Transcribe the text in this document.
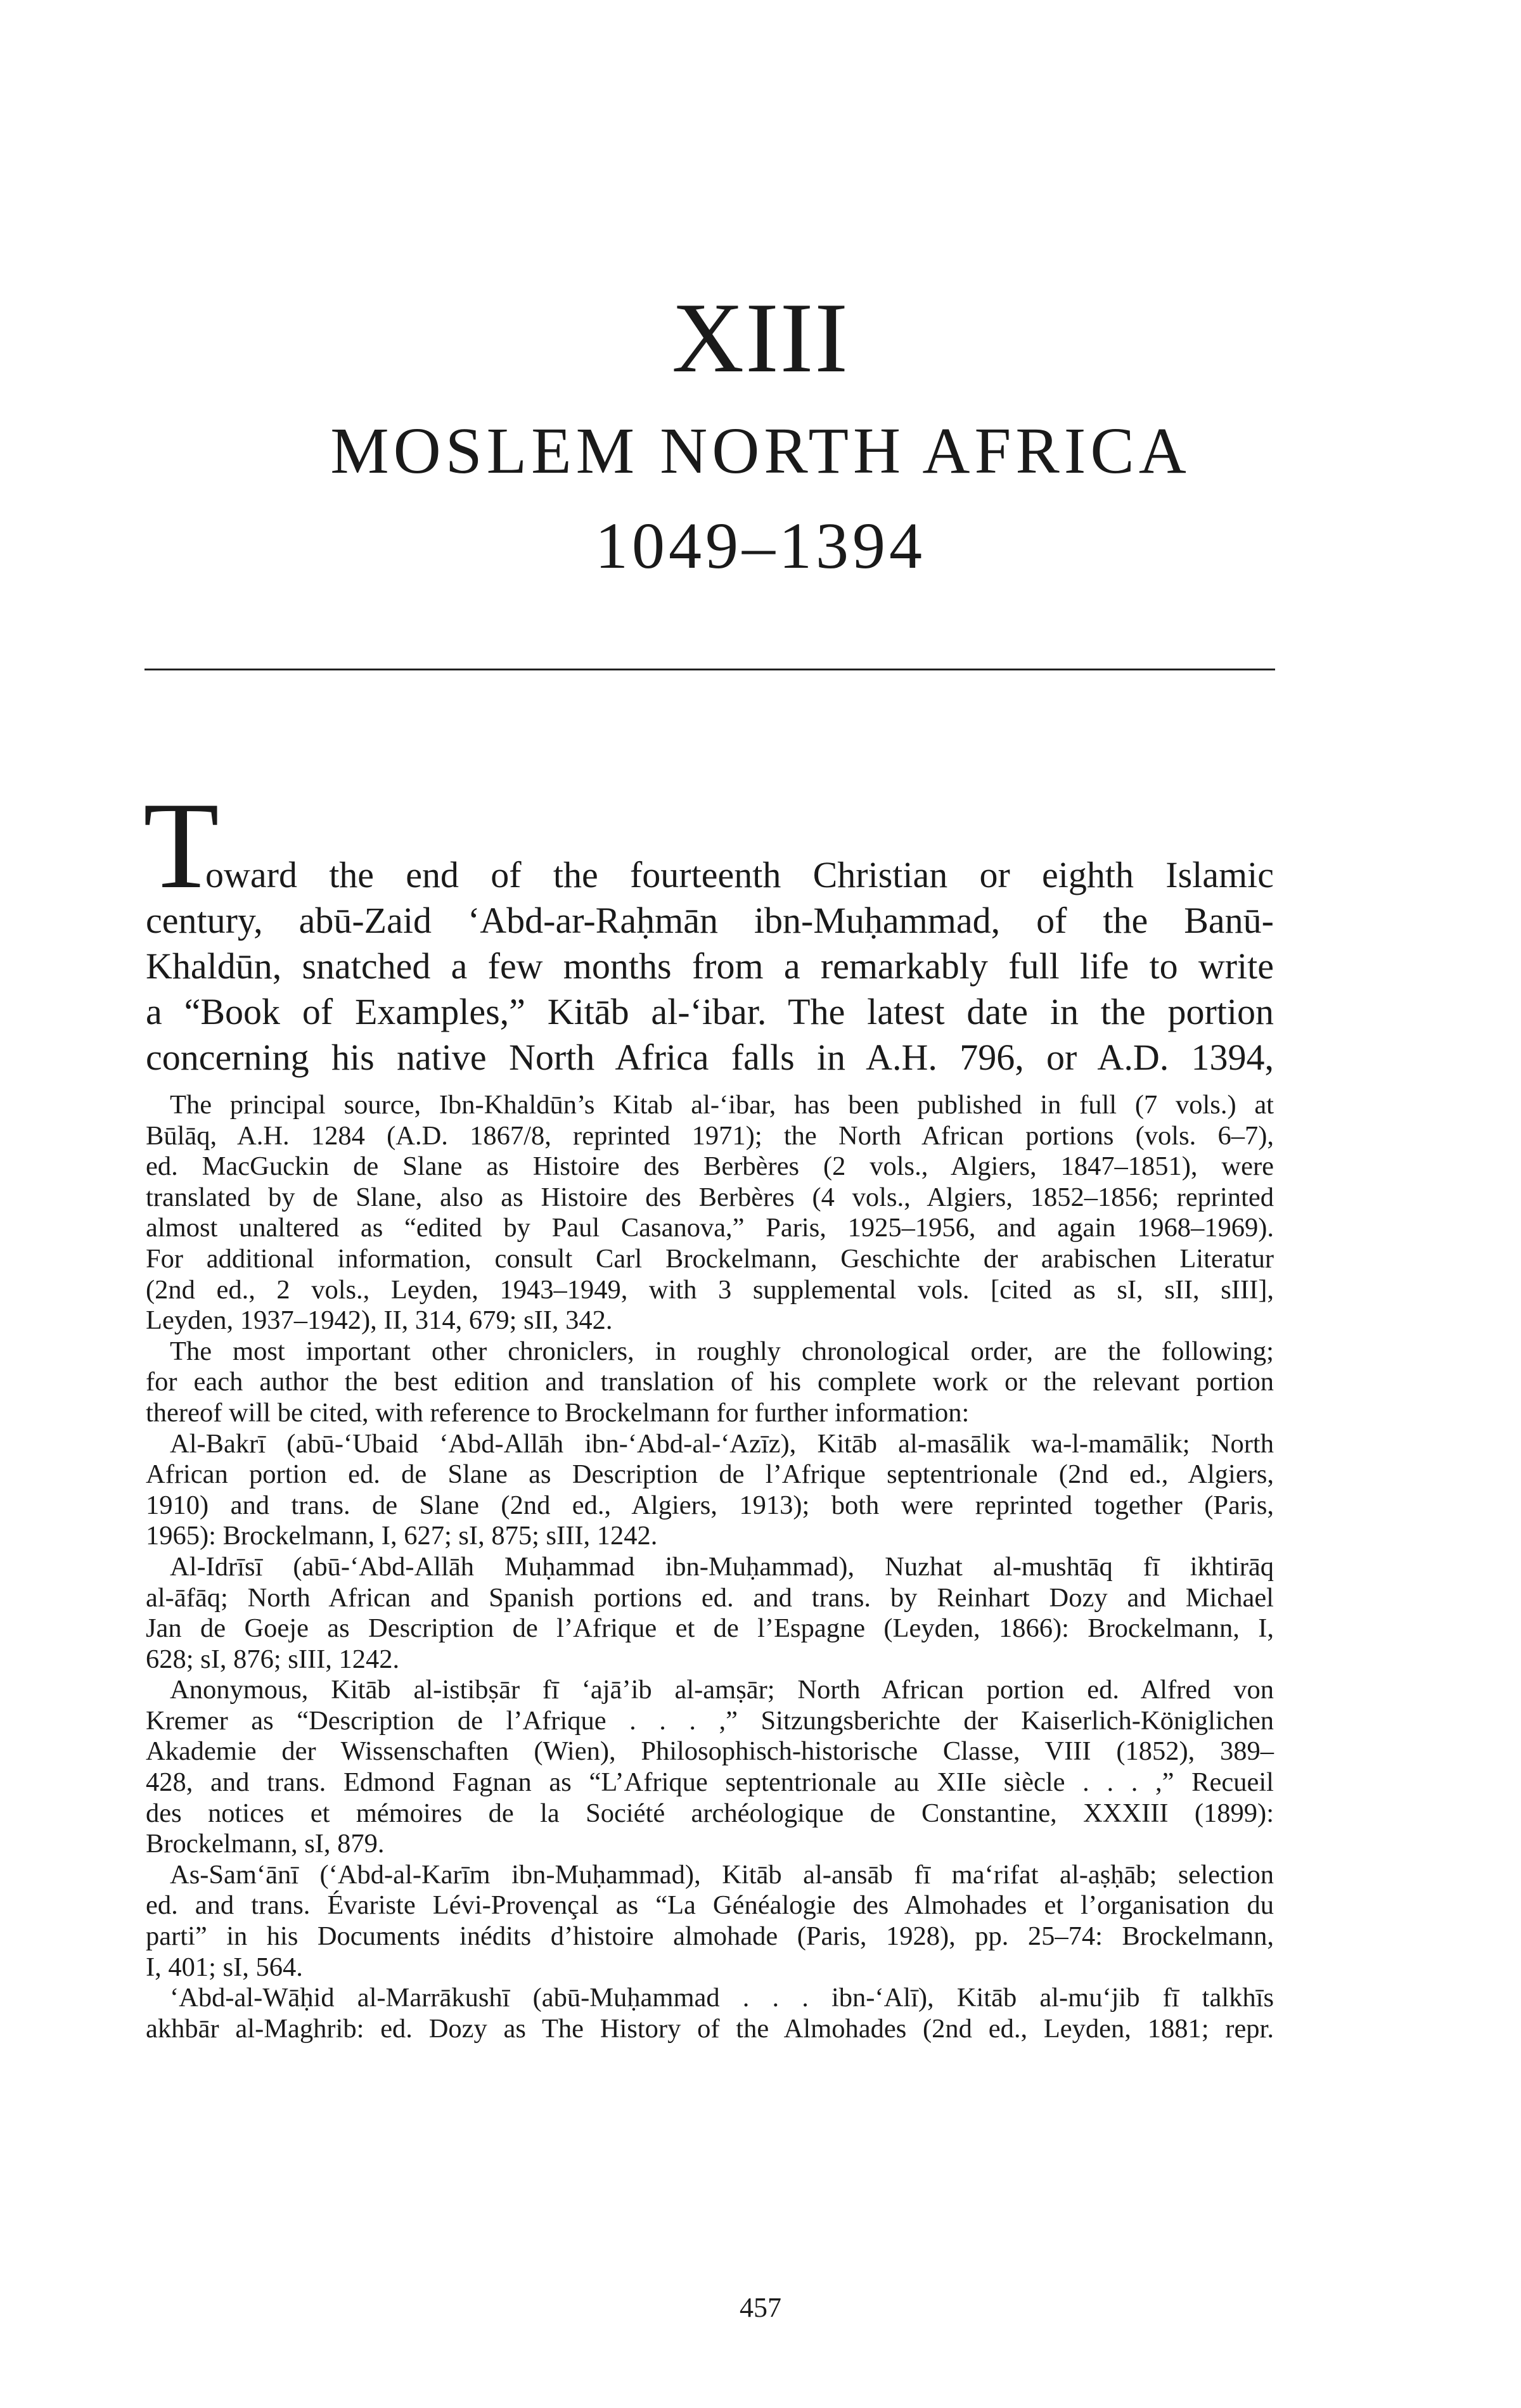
XIII
MOSLEM NORTH AFRICA
1049–1394
T
oward the end of the fourteenth Christian or eighth Islamic
century, abū-Zaid ‘Abd-ar-Raḥmān ibn-Muḥammad, of the Banū-
Khaldūn, snatched a few months from a remarkably full life to write
a “Book of Examples,” Kitāb al-‘ibar. The latest date in the portion
concerning his native North Africa falls in A.H. 796, or A.D. 1394,
The principal source, Ibn-Khaldūn’s Kitab al-‘ibar, has been published in full (7 vols.) at
Būlāq, A.H. 1284 (A.D. 1867/8, reprinted 1971); the North African portions (vols. 6–7),
ed. MacGuckin de Slane as Histoire des Berbères (2 vols., Algiers, 1847–1851), were
translated by de Slane, also as Histoire des Berbères (4 vols., Algiers, 1852–1856; reprinted
almost unaltered as “edited by Paul Casanova,” Paris, 1925–1956, and again 1968–1969).
For additional information, consult Carl Brockelmann, Geschichte der arabischen Literatur
(2nd ed., 2 vols., Leyden, 1943–1949, with 3 supplemental vols. [cited as sI, sII, sIII],
Leyden, 1937–1942), II, 314, 679; sII, 342.
The most important other chroniclers, in roughly chronological order, are the following;
for each author the best edition and translation of his complete work or the relevant portion
thereof will be cited, with reference to Brockelmann for further information:
Al-Bakrī (abū-‘Ubaid ‘Abd-Allāh ibn-‘Abd-al-‘Azīz), Kitāb al-masālik wa-l-mamālik; North
African portion ed. de Slane as Description de l’Afrique septentrionale (2nd ed., Algiers,
1910) and trans. de Slane (2nd ed., Algiers, 1913); both were reprinted together (Paris,
1965): Brockelmann, I, 627; sI, 875; sIII, 1242.
Al-Idrīsī (abū-‘Abd-Allāh Muḥammad ibn-Muḥammad), Nuzhat al-mushtāq fī ikhtirāq
al-āfāq; North African and Spanish portions ed. and trans. by Reinhart Dozy and Michael
Jan de Goeje as Description de l’Afrique et de l’Espagne (Leyden, 1866): Brockelmann, I,
628; sI, 876; sIII, 1242.
Anonymous, Kitāb al-istibṣār fī ‘ajā’ib al-amṣār; North African portion ed. Alfred von
Kremer as “Description de l’Afrique . . . ,” Sitzungsberichte der Kaiserlich-Königlichen
Akademie der Wissenschaften (Wien), Philosophisch-historische Classe, VIII (1852), 389–
428, and trans. Edmond Fagnan as “L’Afrique septentrionale au XIIe siècle . . . ,” Recueil
des notices et mémoires de la Société archéologique de Constantine, XXXIII (1899):
Brockelmann, sI, 879.
As-Sam‘ānī (‘Abd-al-Karīm ibn-Muḥammad), Kitāb al-ansāb fī ma‘rifat al-aṣḥāb; selection
ed. and trans. Évariste Lévi-Provençal as “La Généalogie des Almohades et l’organisation du
parti” in his Documents inédits d’histoire almohade (Paris, 1928), pp. 25–74: Brockelmann,
I, 401; sI, 564.
‘Abd-al-Wāḥid al-Marrākushī (abū-Muḥammad . . . ibn-‘Alī), Kitāb al-mu‘jib fī talkhīs
akhbār al-Maghrib: ed. Dozy as The History of the Almohades (2nd ed., Leyden, 1881; repr.
457
